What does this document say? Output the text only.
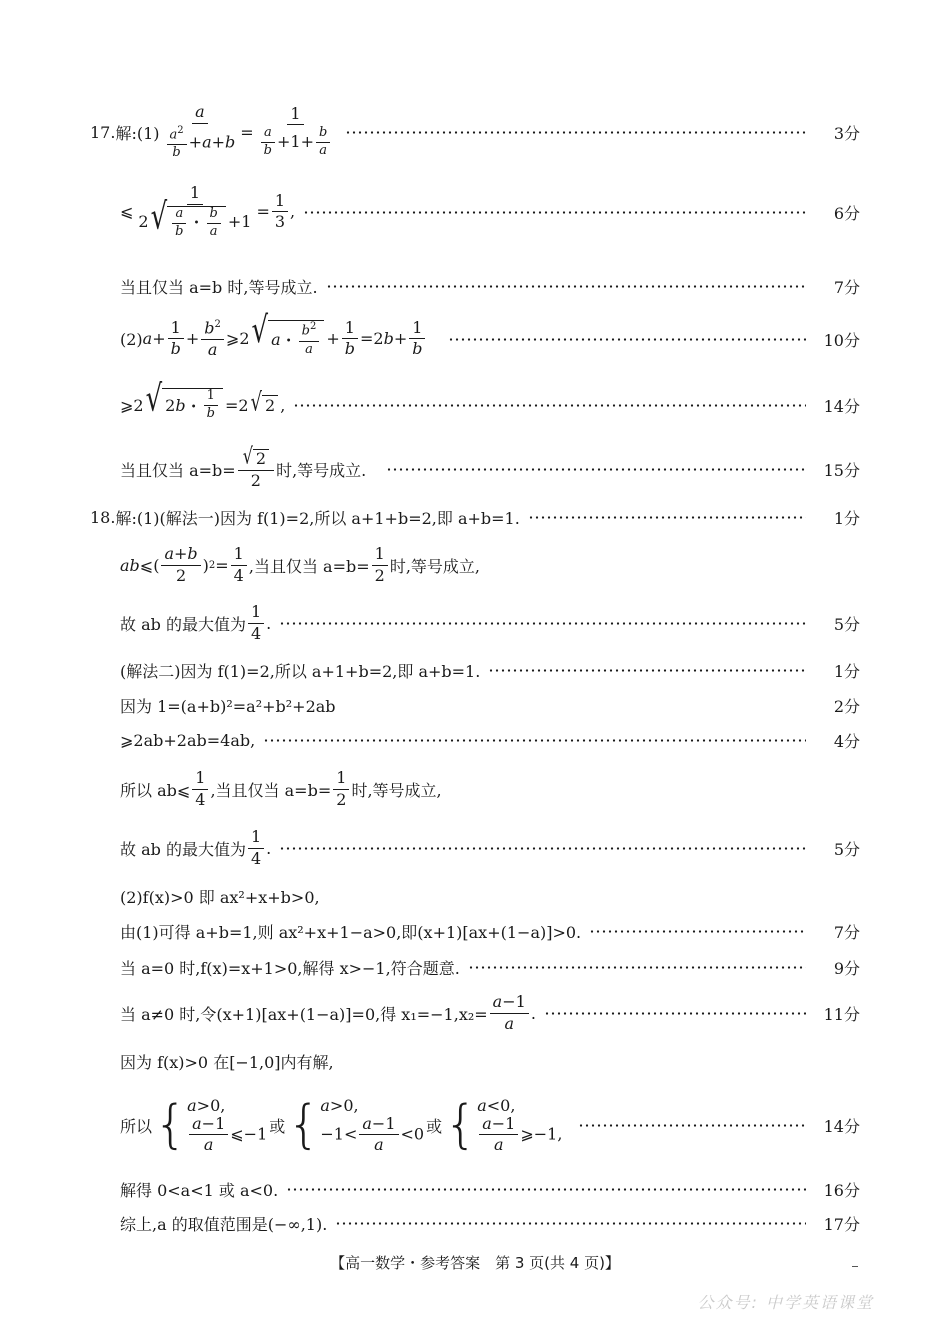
17. 解:(1) $\frac{a}{\frac{a^2}{b} +a+b} = \frac{1}{\frac{a}{b} +1+ \frac{b}{a}}$	3分
⩽ $\frac{1}{2 √ \frac{a}{b} ・ \frac{b}{a} +1} = \frac{1}{3}$ ,	6分
当且仅当 a=b 时,等号成立.	7分
(2) $a + \frac{1}{b} + \frac{b^2}{a}$ ⩾2 √ a ・ $\frac{b^2}{a} + \frac{1}{b} =2$ $b + \frac{1}{b}$	10分
⩾2 √ 2 b ・ $\frac{1}{b} =2$ √ 2 ,	14分
当且仅当 $a=b= \frac{√ 2}{2}$ 时,等号成立.	15分
18. 解:(1)(解法一)因为 f(1)=2,所以 a+1+b=2,即 a+b=1.	1分
ab ⩽( $\frac{a+b}{2}$ ) $2 = \frac{1}{4}$ ,当且仅当 $a=b= \frac{1}{2}$ 时,等号成立,
故 ab 的最大值为 $\frac{1}{4}$ .	5分
(解法二)因为 f(1)=2,所以 a+1+b=2,即 a+b=1.	1分
因为 1=(a+b)²=a²+b²+2ab	2分
⩾2ab+2ab=4ab,	4分
所以 ab⩽ $\frac{1}{4}$ ,当且仅当 $a=b= \frac{1}{2}$ 时,等号成立,
故 ab 的最大值为 $\frac{1}{4}$ .	5分
(2)f(x)>0 即 ax²+x+b>0,
由(1)可得 a+b=1,则 ax²+x+1−a>0,即(x+1)[ax+(1−a)]>0.	7分
当 a=0 时,f(x)=x+1>0,解得 x>−1,符合题意.	9分
当 a≠0 时,令(x+1)[ax+(1−a)]=0,得 $x_1=-1,x_2= \frac{a-1}{a}$ .	11分
因为 f(x)>0 在[−1,0]内有解,
所以 { a>0,
$\frac{a-1}{a}$ ⩽−1 或 { a>0,
$-1< \frac{a-1}{a} <0$ 或 { a<0,
$\frac{a-1}{a}$ ⩾−1,	14分
解得 0<a<1 或 a<0.	16分
综上,a 的取值范围是(−∞,1).	17分
【高一数学・参考答案　第 3 页(共 4 页)】
公众号: 中学英语课堂
